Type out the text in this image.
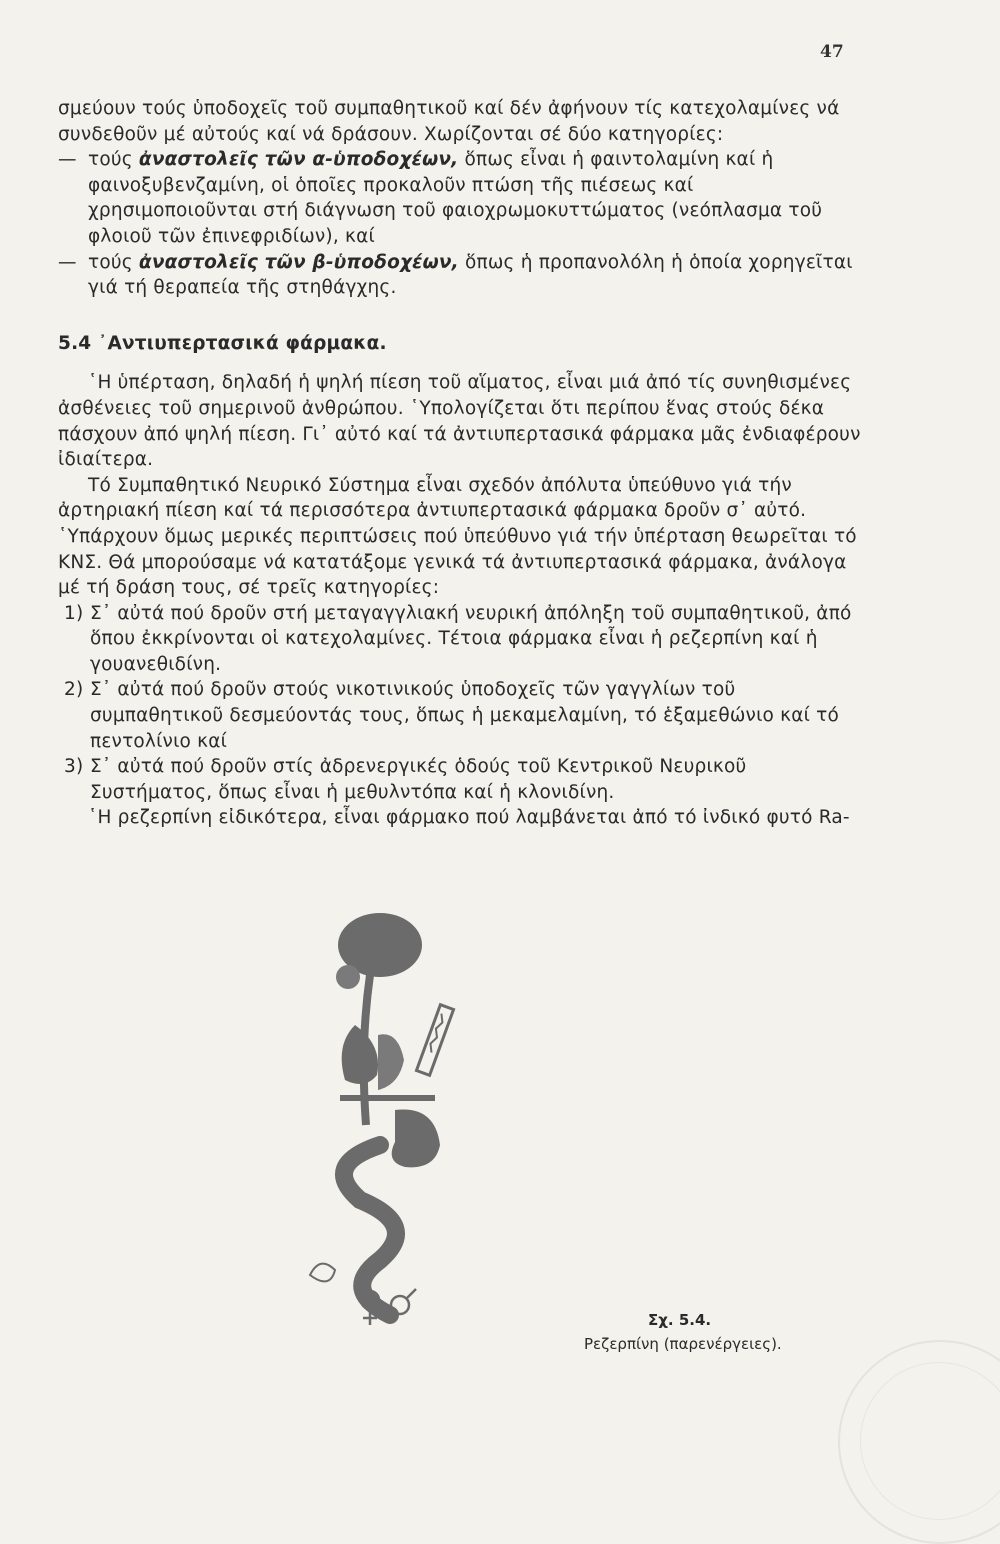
47

σμεύουν τούς ὑποδοχεῖς τοῦ συμπαθητικοῦ καί δέν ἀφήνουν τίς κατεχολαμίνες νά συνδεθοῦν μέ αὐτούς καί νά δράσουν. Χωρίζονται σέ δύο κατηγορίες:

— τούς ἀναστολεῖς τῶν α-ὑποδοχέων, ὅπως εἶναι ἡ φαιντολαμίνη καί ἡ φαινοξυβενζαμίνη, οἱ ὁποῖες προκαλοῦν πτώση τῆς πιέσεως καί χρησιμοποιοῦνται στή διάγνωση τοῦ φαιοχρωμοκυττώματος (νεόπλασμα τοῦ φλοιοῦ τῶν ἐπινεφριδίων), καί

— τούς ἀναστολεῖς τῶν β-ὑποδοχέων, ὅπως ἡ προπανολόλη ἡ ὁποία χορηγεῖται γιά τή θεραπεία τῆς στηθάγχης.

5.4 ᾿Αντιυπερτασικά φάρμακα.

῾Η ὑπέρταση, δηλαδή ἡ ψηλή πίεση τοῦ αἵματος, εἶναι μιά ἀπό τίς συνηθισμένες ἀσθένειες τοῦ σημερινοῦ ἀνθρώπου. ῾Υπολογίζεται ὅτι περίπου ἕνας στούς δέκα πάσχουν ἀπό ψηλή πίεση. Γι᾿ αὐτό καί τά ἀντιυπερτασικά φάρμακα μᾶς ἐνδιαφέρουν ἰδιαίτερα.

Τό Συμπαθητικό Νευρικό Σύστημα εἶναι σχεδόν ἀπόλυτα ὑπεύθυνο γιά τήν ἀρτηριακή πίεση καί τά περισσότερα ἀντιυπερτασικά φάρμακα δροῦν σ᾿ αὐτό. ῾Υπάρχουν ὅμως μερικές περιπτώσεις πού ὑπεύθυνο γιά τήν ὑπέρταση θεωρεῖται τό ΚΝΣ. Θά μπορούσαμε νά κατατάξομε γενικά τά ἀντιυπερτασικά φάρμακα, ἀνάλογα μέ τή δράση τους, σέ τρεῖς κατηγορίες:

1) Σ᾿ αὐτά πού δροῦν στή μεταγαγγλιακή νευρική ἀπόληξη τοῦ συμπαθητικοῦ, ἀπό ὅπου ἐκκρίνονται οἱ κατεχολαμίνες. Τέτοια φάρμακα εἶναι ἡ ρεζερπίνη καί ἡ γουανεθιδίνη.

2) Σ᾿ αὐτά πού δροῦν στούς νικοτινικούς ὑποδοχεῖς τῶν γαγγλίων τοῦ συμπαθητικοῦ δεσμεύοντάς τους, ὅπως ἡ μεκαμελαμίνη, τό ἑξαμεθώνιο καί τό πεντολίνιο καί

3) Σ᾿ αὐτά πού δροῦν στίς ἀδρενεργικές ὁδούς τοῦ Κεντρικοῦ Νευρικοῦ Συστήματος, ὅπως εἶναι ἡ μεθυλντόπα καί ἡ κλονιδίνη.

῾Η ρεζερπίνη εἰδικότερα, εἶναι φάρμακο πού λαμβάνεται ἀπό τό ἰνδικό φυτό Ra-

Σχ. 5.4.
Ρεζερπίνη (παρενέργειες).
